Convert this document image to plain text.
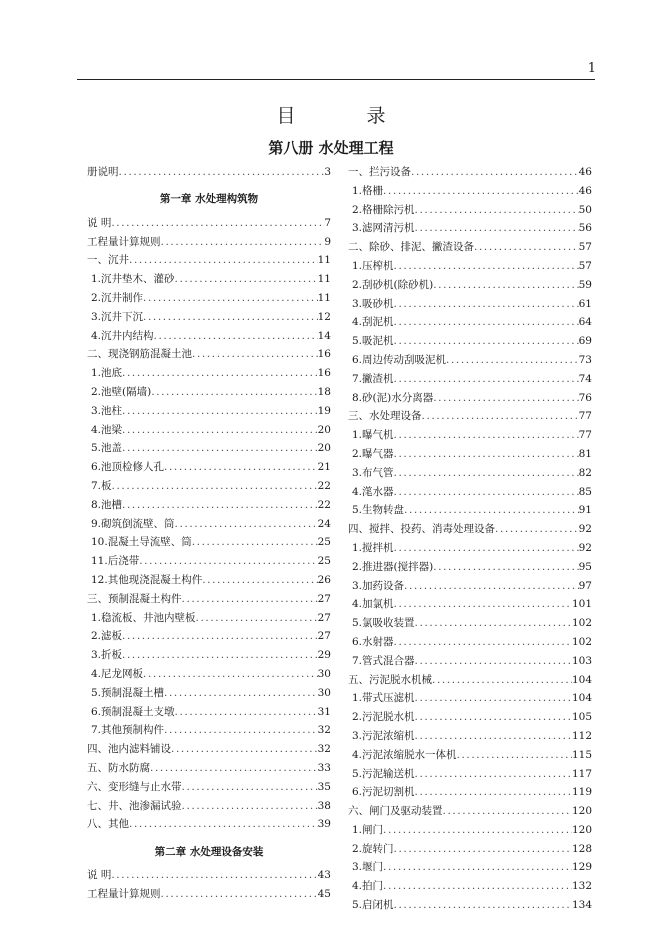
1
目　录
第八册 水处理工程
册说明 .....	3
第一章 水处理构筑物
说 明 .....	7
工程量计算规则 .....	9
一、沉井 .....	11
1.沉井垫木、灌砂 .....	11
2.沉井制作 .....	11
3.沉井下沉 .....	12
4.沉井内结构 .....	14
二、现浇钢筋混凝土池 .....	16
1.池底 .....	16
2.池壁(隔墙) .....	18
3.池柱 .....	19
4.池梁 .....	20
5.池盖 .....	20
6.池顶检修人孔 .....	21
7.板 .....	22
8.池槽 .....	22
9.砌筑倒流壁、筒 .....	24
10.混凝土导流壁、筒 .....	25
11.后浇带 .....	25
12.其他现浇混凝土构件 .....	26
三、预制混凝土构件 .....	27
1.稳流板、井池内壁板 .....	27
2.滤板 .....	27
3.折板 .....	29
4.尼龙网板 .....	30
5.预制混凝土槽 .....	30
6.预制混凝土支墩 .....	31
7.其他预制构件 .....	32
四、池内滤料铺设 .....	32
五、防水防腐 .....	33
六、变形缝与止水带 .....	35
七、井、池渗漏试验 .....	38
八、其他 .....	39
第二章 水处理设备安装
说 明 .....	43
工程量计算规则 .....	45
一、拦污设备 .....	46
1.格栅 .....	46
2.格栅除污机 .....	50
3.滤网清污机 .....	56
二、除砂、排泥、撇渣设备 .....	57
1.压榨机 .....	57
2.刮砂机(除砂机) .....	59
3.吸砂机 .....	61
4.刮泥机 .....	64
5.吸泥机 .....	69
6.周边传动刮吸泥机 .....	73
7.撇渣机 .....	74
8.砂(泥)水分离器 .....	76
三、水处理设备 .....	77
1.曝气机 .....	77
2.曝气器 .....	81
3.布气管 .....	82
4.滗水器 .....	85
5.生物转盘 .....	91
四、搅拌、投药、消毒处理设备 .....	92
1.搅拌机 .....	92
2.推进器(搅拌器) .....	95
3.加药设备 .....	97
4.加氯机 .....	101
5.氯吸收装置 .....	102
6.水射器 .....	102
7.管式混合器 .....	103
五、污泥脱水机械 .....	104
1.带式压滤机 .....	104
2.污泥脱水机 .....	105
3.污泥浓缩机 .....	112
4.污泥浓缩脱水一体机 .....	115
5.污泥输送机 .....	117
6.污泥切割机 .....	119
六、闸门及驱动装置 .....	120
1.闸门 .....	120
2.旋转门 .....	128
3.堰门 .....	129
4.拍门 .....	132
5.启闭机 .....	134
